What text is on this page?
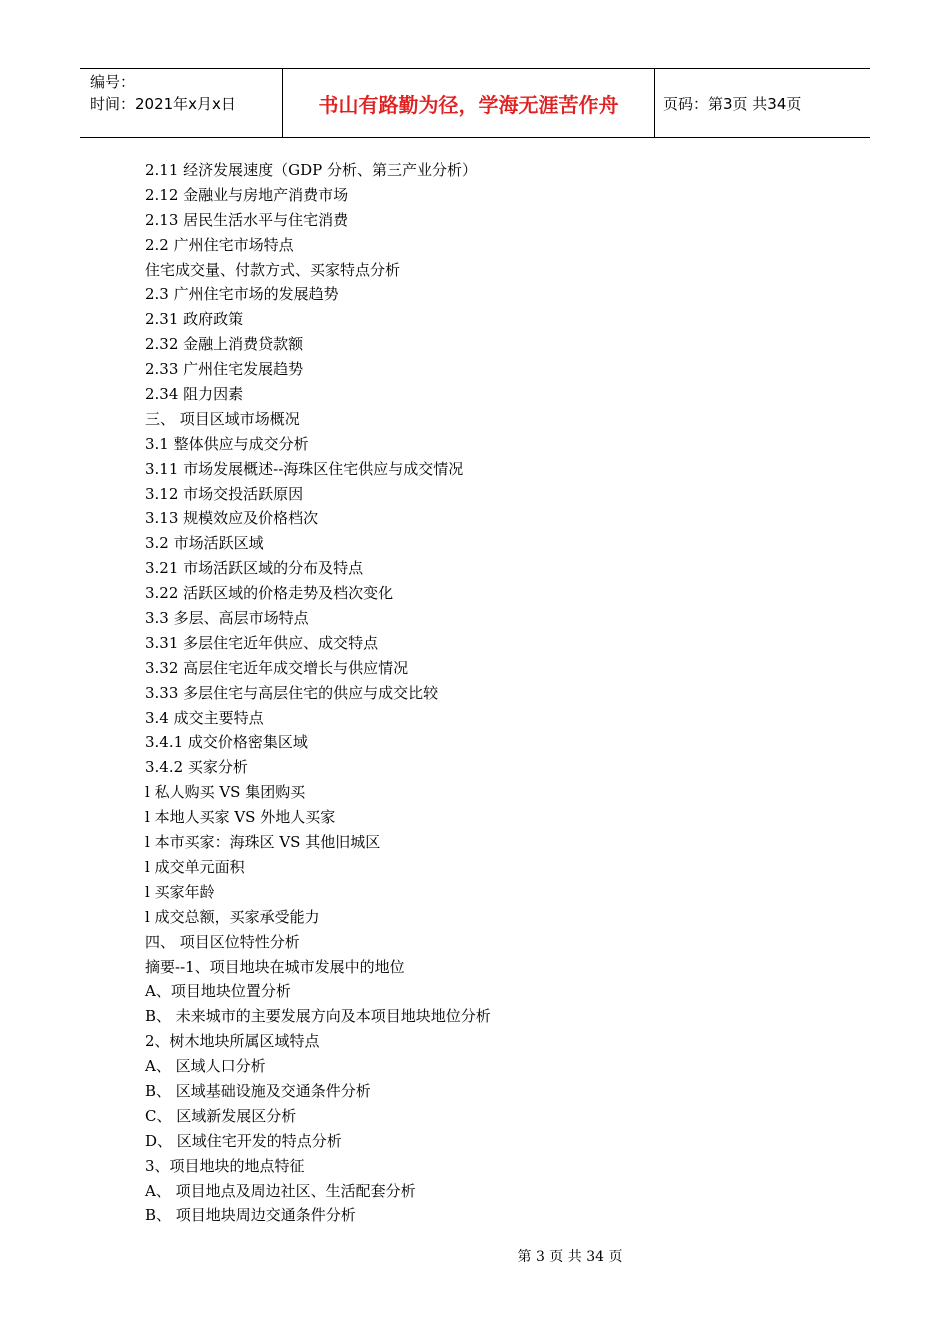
编号：
时间：2021年x月x日	书山有路勤为径，学海无涯苦作舟	页码：第3页 共34页
2.11 经济发展速度（GDP 分析、第三产业分析）
2.12 金融业与房地产消费市场
2.13 居民生活水平与住宅消费
2.2 广州住宅市场特点
住宅成交量、付款方式、买家特点分析
2.3 广州住宅市场的发展趋势
2.31 政府政策
2.32 金融上消费贷款额
2.33 广州住宅发展趋势
2.34 阻力因素
三、 项目区域市场概况
3.1 整体供应与成交分析
3.11 市场发展概述--海珠区住宅供应与成交情况
3.12 市场交投活跃原因
3.13 规模效应及价格档次
3.2 市场活跃区域
3.21 市场活跃区域的分布及特点
3.22 活跃区域的价格走势及档次变化
3.3 多层、高层市场特点
3.31 多层住宅近年供应、成交特点
3.32 高层住宅近年成交增长与供应情况
3.33 多层住宅与高层住宅的供应与成交比较
3.4 成交主要特点
3.4.1 成交价格密集区域
3.4.2 买家分析
l 私人购买 VS 集团购买
l 本地人买家 VS 外地人买家
l 本市买家：海珠区 VS 其他旧城区
l 成交单元面积
l 买家年龄
l 成交总额，买家承受能力
四、 项目区位特性分析
摘要--1、项目地块在城市发展中的地位
A、项目地块位置分析
B、 未来城市的主要发展方向及本项目地块地位分析
2、树木地块所属区域特点
A、 区域人口分析
B、 区域基础设施及交通条件分析
C、 区域新发展区分析
D、 区域住宅开发的特点分析
3、项目地块的地点特征
A、 项目地点及周边社区、生活配套分析
B、 项目地块周边交通条件分析
第 3 页 共 34 页
